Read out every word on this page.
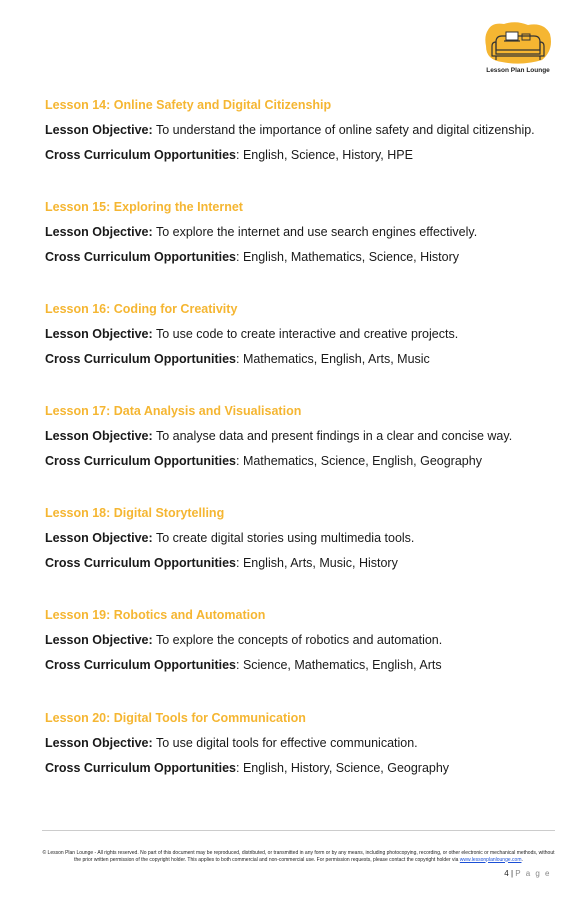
Lesson Plan Lounge
Lesson 14: Online Safety and Digital Citizenship
Lesson Objective: To understand the importance of online safety and digital citizenship.
Cross Curriculum Opportunities: English, Science, History, HPE
Lesson 15: Exploring the Internet
Lesson Objective: To explore the internet and use search engines effectively.
Cross Curriculum Opportunities: English, Mathematics, Science, History
Lesson 16: Coding for Creativity
Lesson Objective: To use code to create interactive and creative projects.
Cross Curriculum Opportunities: Mathematics, English, Arts, Music
Lesson 17: Data Analysis and Visualisation
Lesson Objective: To analyse data and present findings in a clear and concise way.
Cross Curriculum Opportunities: Mathematics, Science, English, Geography
Lesson 18: Digital Storytelling
Lesson Objective: To create digital stories using multimedia tools.
Cross Curriculum Opportunities: English, Arts, Music, History
Lesson 19: Robotics and Automation
Lesson Objective: To explore the concepts of robotics and automation.
Cross Curriculum Opportunities: Science, Mathematics, English, Arts
Lesson 20: Digital Tools for Communication
Lesson Objective: To use digital tools for effective communication.
Cross Curriculum Opportunities: English, History, Science, Geography
© Lesson Plan Lounge - All rights reserved. No part of this document may be reproduced, distributed, or transmitted in any form or by any means, including photocopying, recording, or other electronic or mechanical methods, without the prior written permission of the copyright holder. This applies to both commercial and non-commercial use. For permission requests, please contact the copyright holder via www.lessonplanlounge.com.
4 | P a g e
